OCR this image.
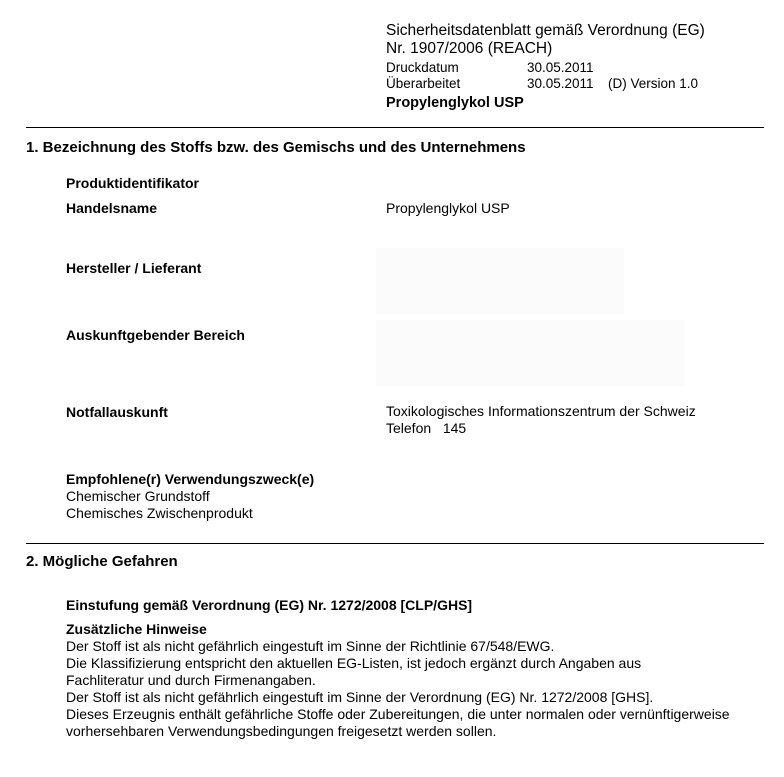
Sicherheitsdatenblatt gemäß Verordnung (EG)
Nr. 1907/2006 (REACH)
Druckdatum	30.05.2011
Überarbeitet	30.05.2011 (D) Version 1.0
Propylenglykol USP
1. Bezeichnung des Stoffs bzw. des Gemischs und des Unternehmens
Produktidentifikator
Handelsname	Propylenglykol USP
Hersteller / Lieferant
Auskunftgebender Bereich
Notfallauskunft	Toxikologisches Informationszentrum der Schweiz
Telefon   145
Empfohlene(r) Verwendungszweck(e)
Chemischer Grundstoff
Chemisches Zwischenprodukt
2. Mögliche Gefahren
Einstufung gemäß Verordnung (EG) Nr. 1272/2008 [CLP/GHS]
Zusätzliche Hinweise
Der Stoff ist als nicht gefährlich eingestuft im Sinne der Richtlinie 67/548/EWG.
Die Klassifizierung entspricht den aktuellen EG-Listen, ist jedoch ergänzt durch Angaben aus
Fachliteratur und durch Firmenangaben.
Der Stoff ist als nicht gefährlich eingestuft im Sinne der Verordnung (EG) Nr. 1272/2008 [GHS].
Dieses Erzeugnis enthält gefährliche Stoffe oder Zubereitungen, die unter normalen oder vernünftigerweise
vorhersehbaren Verwendungsbedingungen freigesetzt werden sollen.
